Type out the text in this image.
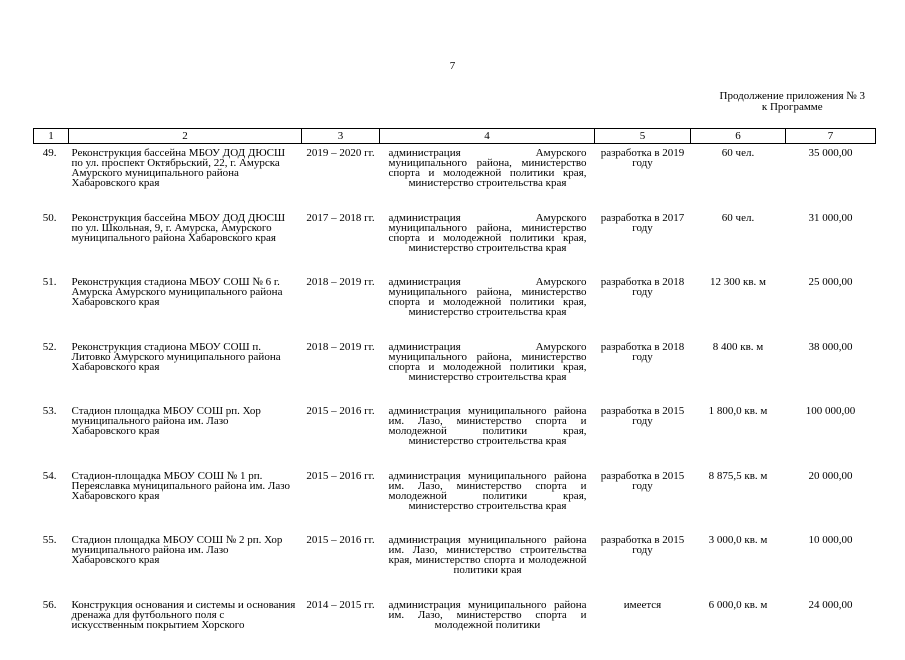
7
Продолжение приложения № 3
к Программе
1	2	3	4	5	6	7
49.	Реконструкция бассейна МБОУ ДОД ДЮСШ по ул. проспект Октябрьский, 22, г. Амурска Амурского муниципального района Хабаровского края	2019 – 2020 гг.	администрация Амурского муниципального района, министерство спорта и молодежной политики края, министерство строительства края	разработка в 2019 году	60 чел.	35 000,00
50.	Реконструкция бассейна МБОУ ДОД ДЮСШ по ул. Школьная, 9, г. Амурска, Амурского муниципального района Хабаровского края	2017 – 2018 гг.	администрация Амурского муниципального района, министерство спорта и молодежной политики края, министерство строительства края	разработка в 2017 году	60 чел.	31 000,00
51.	Реконструкция стадиона МБОУ СОШ № 6 г. Амурска Амурского муниципального района Хабаровского края	2018 – 2019 гг.	администрация Амурского муниципального района, министерство спорта и молодежной политики края, министерство строительства края	разработка в 2018 году	12 300 кв. м	25 000,00
52.	Реконструкция стадиона МБОУ СОШ п. Литовко Амурского муниципального района Хабаровского края	2018 – 2019 гг.	администрация Амурского муниципального района, министерство спорта и молодежной политики края, министерство строительства края	разработка в 2018 году	8 400 кв. м	38 000,00
53.	Стадион площадка МБОУ СОШ рп. Хор муниципального района им. Лазо Хабаровского края	2015 – 2016 гг.	администрация муниципального района им. Лазо, министерство спорта и молодежной политики края, министерство строительства края	разработка в 2015 году	1 800,0 кв. м	100 000,00
54.	Стадион-площадка МБОУ СОШ № 1 рп. Переяславка муниципального района им. Лазо Хабаровского края	2015 – 2016 гг.	администрация муниципального района им. Лазо, министерство спорта и молодежной политики края, министерство строительства края	разработка в 2015 году	8 875,5 кв. м	20 000,00
55.	Стадион площадка МБОУ СОШ № 2 рп. Хор муниципального района им. Лазо Хабаровского края	2015 – 2016 гг.	администрация муниципального района им. Лазо, министерство строительства края, министерство спорта и молодежной политики края	разработка в 2015 году	3 000,0 кв. м	10 000,00
56.	Конструкция основания и системы и основания дренажа для футбольного поля с искусственным покрытием Хорского	2014 – 2015 гг.	администрация муниципального района им. Лазо, министерство спорта и молодежной политики	имеется	6 000,0 кв. м	24 000,00
